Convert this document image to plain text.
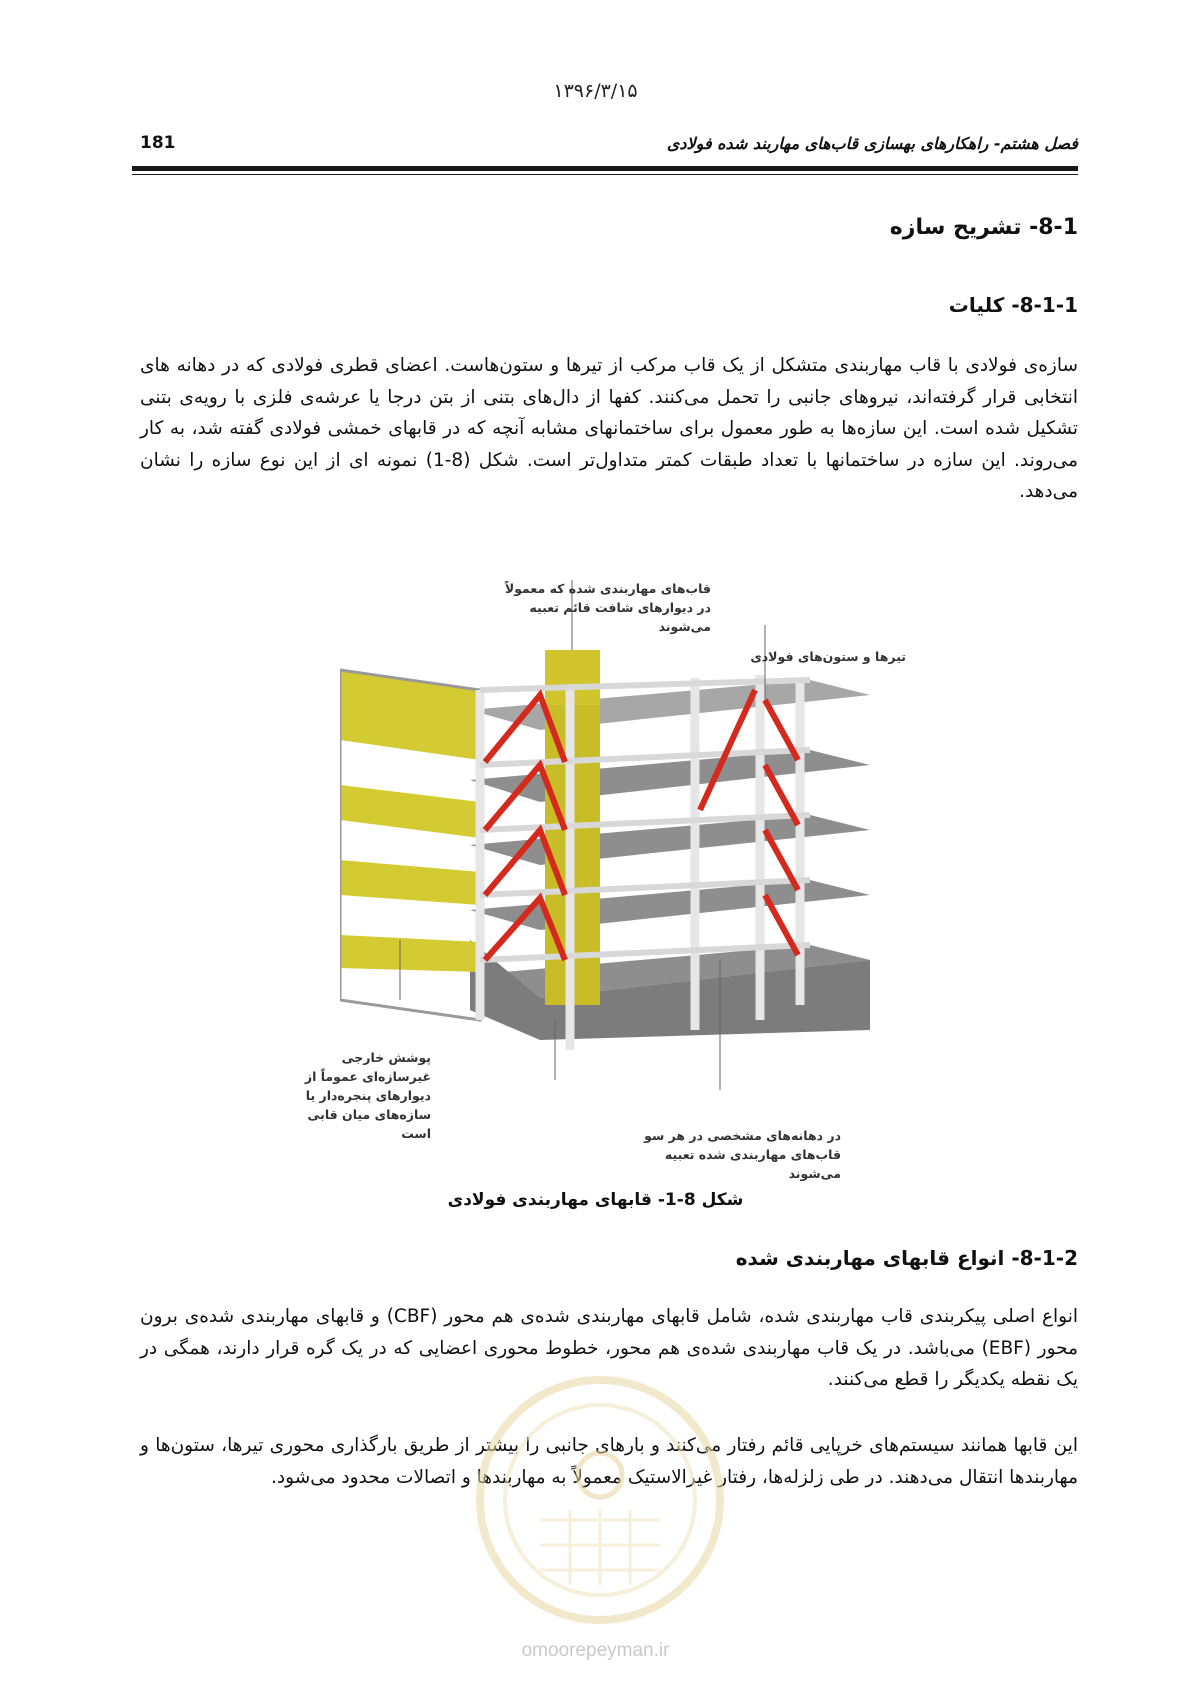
۱۳۹۶/۳/۱۵
181	فصل هشتم- راهکارهای بهسازی قاب‌های مهاربند شده فولادی
8-1- تشریح سازه
8-1-1- کلیات
سازه‌ی فولادی با قاب مهاربندی متشکل از یک قاب مرکب از تیرها و ستون‌هاست. اعضای قطری فولادی که در دهانه های انتخابی قرار گرفته‌اند، نیروهای جانبی را تحمل می‌کنند. کفها از دال‌های بتنی از بتن درجا یا عرشه‌ی فلزی با رویه‌ی بتنی تشکیل شده است. این سازه‌ها به طور معمول برای ساختمانهای مشابه آنچه که در قابهای خمشی فولادی گفته شد، به کار می‌روند. این سازه در ساختمانها با تعداد طبقات کمتر متداول‌تر است. شکل (8-1) نمونه ای از این نوع سازه را نشان می‌دهد.
قاب‌های مهاربندی شده که معمولاً در دیوارهای شافت قائم تعبیه می‌شوند
تیرها و ستون‌های فولادی
پوشش خارجی غیرسازه‌ای عموماً از دیوارهای پنجره‌دار یا سازه‌های میان قابی است	در دهانه‌های مشخصی در هر سو قاب‌های مهاربندی شده تعبیه می‌شوند
شکل 8-1- قابهای مهاربندی فولادی
8-1-2- انواع قابهای مهاربندی شده
انواع اصلی پیکربندی قاب مهاربندی شده، شامل قابهای مهاربندی شده‌ی هم محور (CBF) و قابهای مهاربندی شده‌ی برون محور (EBF) می‌باشد. در یک قاب مهاربندی شده‌ی هم محور، خطوط محوری اعضایی که در یک گره قرار دارند، همگی در یک نقطه یکدیگر را قطع می‌کنند.
این قابها همانند سیستم‌های خرپایی قائم رفتار می‌کنند و بارهای جانبی را بیشتر از طریق بارگذاری محوری تیرها، ستون‌ها و مهاربندها انتقال می‌دهند. در طی زلزله‌ها، رفتار غیرالاستیک معمولاً به مهاربندها و اتصالات محدود می‌شود.
omoorepeyman.ir
